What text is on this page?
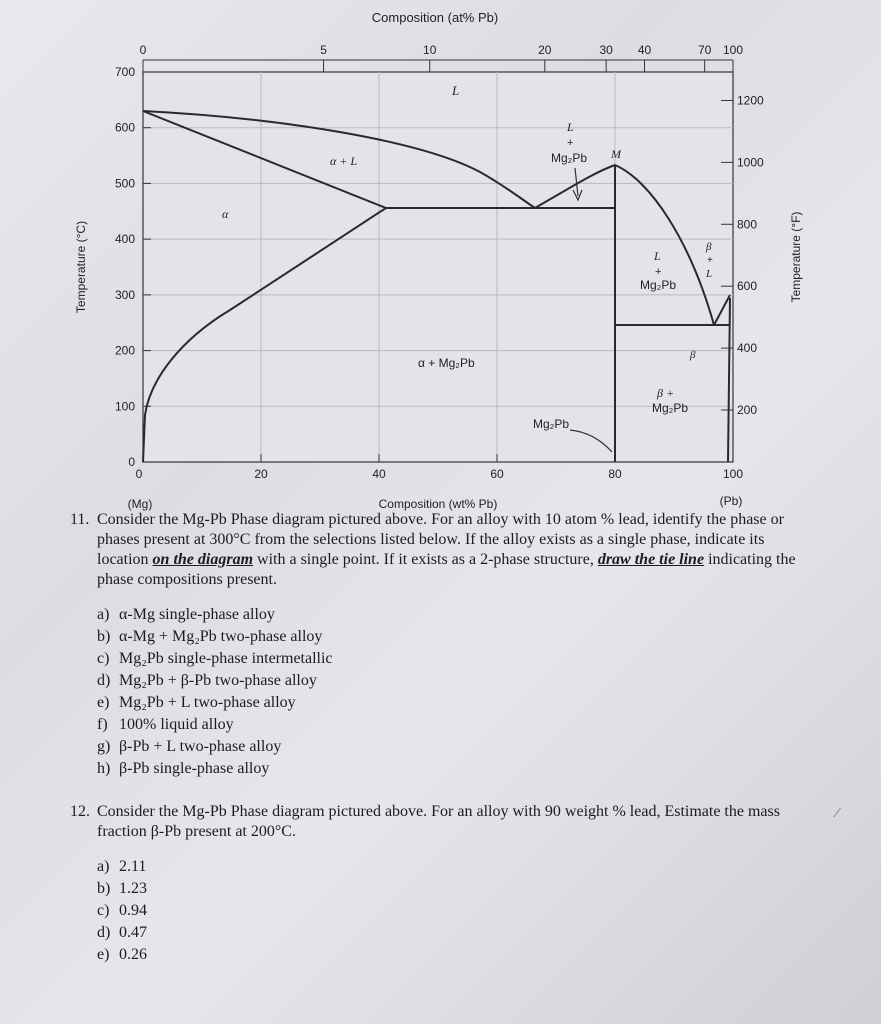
0	20	40	60	80	100
700
600
500
400
300
200
100
0
1200
1000
800
600
400
200
0	5	10	20	30 40	70 100
Composition (at% Pb)
Temperature (°C)	Temperature (°F)
Composition (wt% Pb)
(Mg)	(Pb)
L
α + L
α
L
+
Mg₂Pb M
α + Mg₂Pb
L
+
Mg₂Pb
β
+
L
β
β +
Mg₂Pb
Mg₂Pb
11. Consider the Mg-Pb Phase diagram pictured above. For an alloy with 10 atom % lead, identify the phase or phases present at 300°C from the selections listed below. If the alloy exists as a single phase, indicate its location on the diagram with a single point. If it exists as a 2-phase structure, draw the tie line indicating the phase compositions present.
a) α-Mg single-phase alloy
b) α-Mg + Mg₂Pb two-phase alloy
c) Mg₂Pb single-phase intermetallic
d) Mg₂Pb + β-Pb two-phase alloy
e) Mg₂Pb + L two-phase alloy
f) 100% liquid alloy
g) β-Pb + L two-phase alloy
h) β-Pb single-phase alloy
12. Consider the Mg-Pb Phase diagram pictured above. For an alloy with 90 weight % lead, Estimate the mass fraction β-Pb present at 200°C.
a) 2.11
b) 1.23
c) 0.94
d) 0.47
e) 0.26
⁄
